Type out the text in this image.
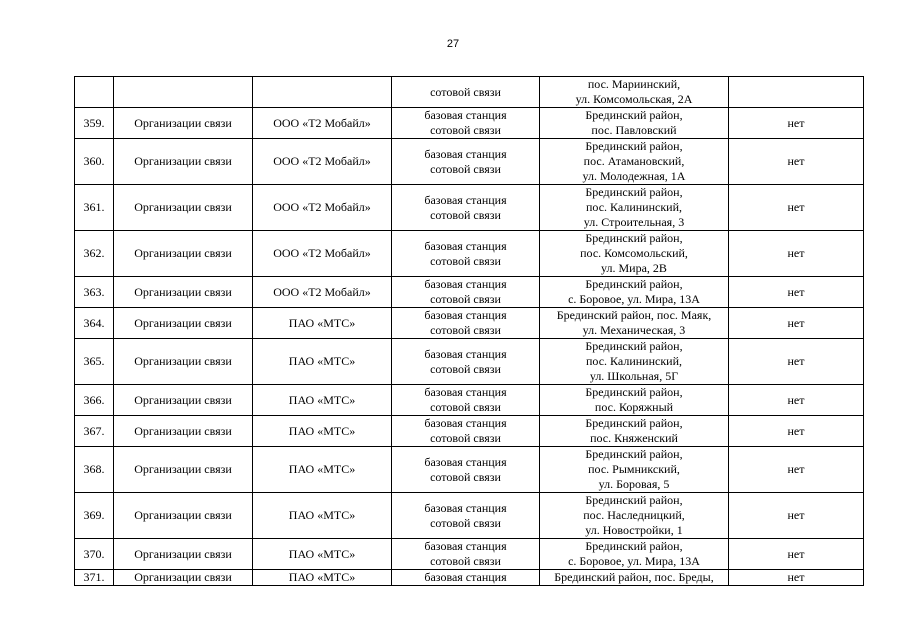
27

			сотовой связи	пос. Мариинский,
ул. Комсомольская, 2А	

359.	Организации связи	ООО «Т2 Мобайл»	базовая станция
сотовой связи	Брединский район,
пос. Павловский	нет
360.	Организации связи	ООО «Т2 Мобайл»	базовая станция
сотовой связи	Брединский район,
пос. Атамановский,
ул. Молодежная, 1А	нет
361.	Организации связи	ООО «Т2 Мобайл»	базовая станция
сотовой связи	Брединский район,
пос. Калининский,
ул. Строительная, 3	нет
362.	Организации связи	ООО «Т2 Мобайл»	базовая станция
сотовой связи	Брединский район,
пос. Комсомольский,
ул. Мира, 2В	нет
363.	Организации связи	ООО «Т2 Мобайл»	базовая станция
сотовой связи	Брединский район,
с. Боровое, ул. Мира, 13А	нет
364.	Организации связи	ПАО «МТС»	базовая станция
сотовой связи	Брединский район, пос. Маяк,
ул. Механическая, 3	нет
365.	Организации связи	ПАО «МТС»	базовая станция
сотовой связи	Брединский район,
пос. Калининский,
ул. Школьная, 5Г	нет
366.	Организации связи	ПАО «МТС»	базовая станция
сотовой связи	Брединский район,
пос. Коряжный	нет
367.	Организации связи	ПАО «МТС»	базовая станция
сотовой связи	Брединский район,
пос. Княженский	нет
368.	Организации связи	ПАО «МТС»	базовая станция
сотовой связи	Брединский район,
пос. Рымникский,
ул. Боровая, 5	нет
369.	Организации связи	ПАО «МТС»	базовая станция
сотовой связи	Брединский район,
пос. Наследницкий,
ул. Новостройки, 1	нет
370.	Организации связи	ПАО «МТС»	базовая станция
сотовой связи	Брединский район,
с. Боровое, ул. Мира, 13А	нет
371.	Организации связи	ПАО «МТС»	базовая станция	Брединский район, пос. Бреды,	нет
